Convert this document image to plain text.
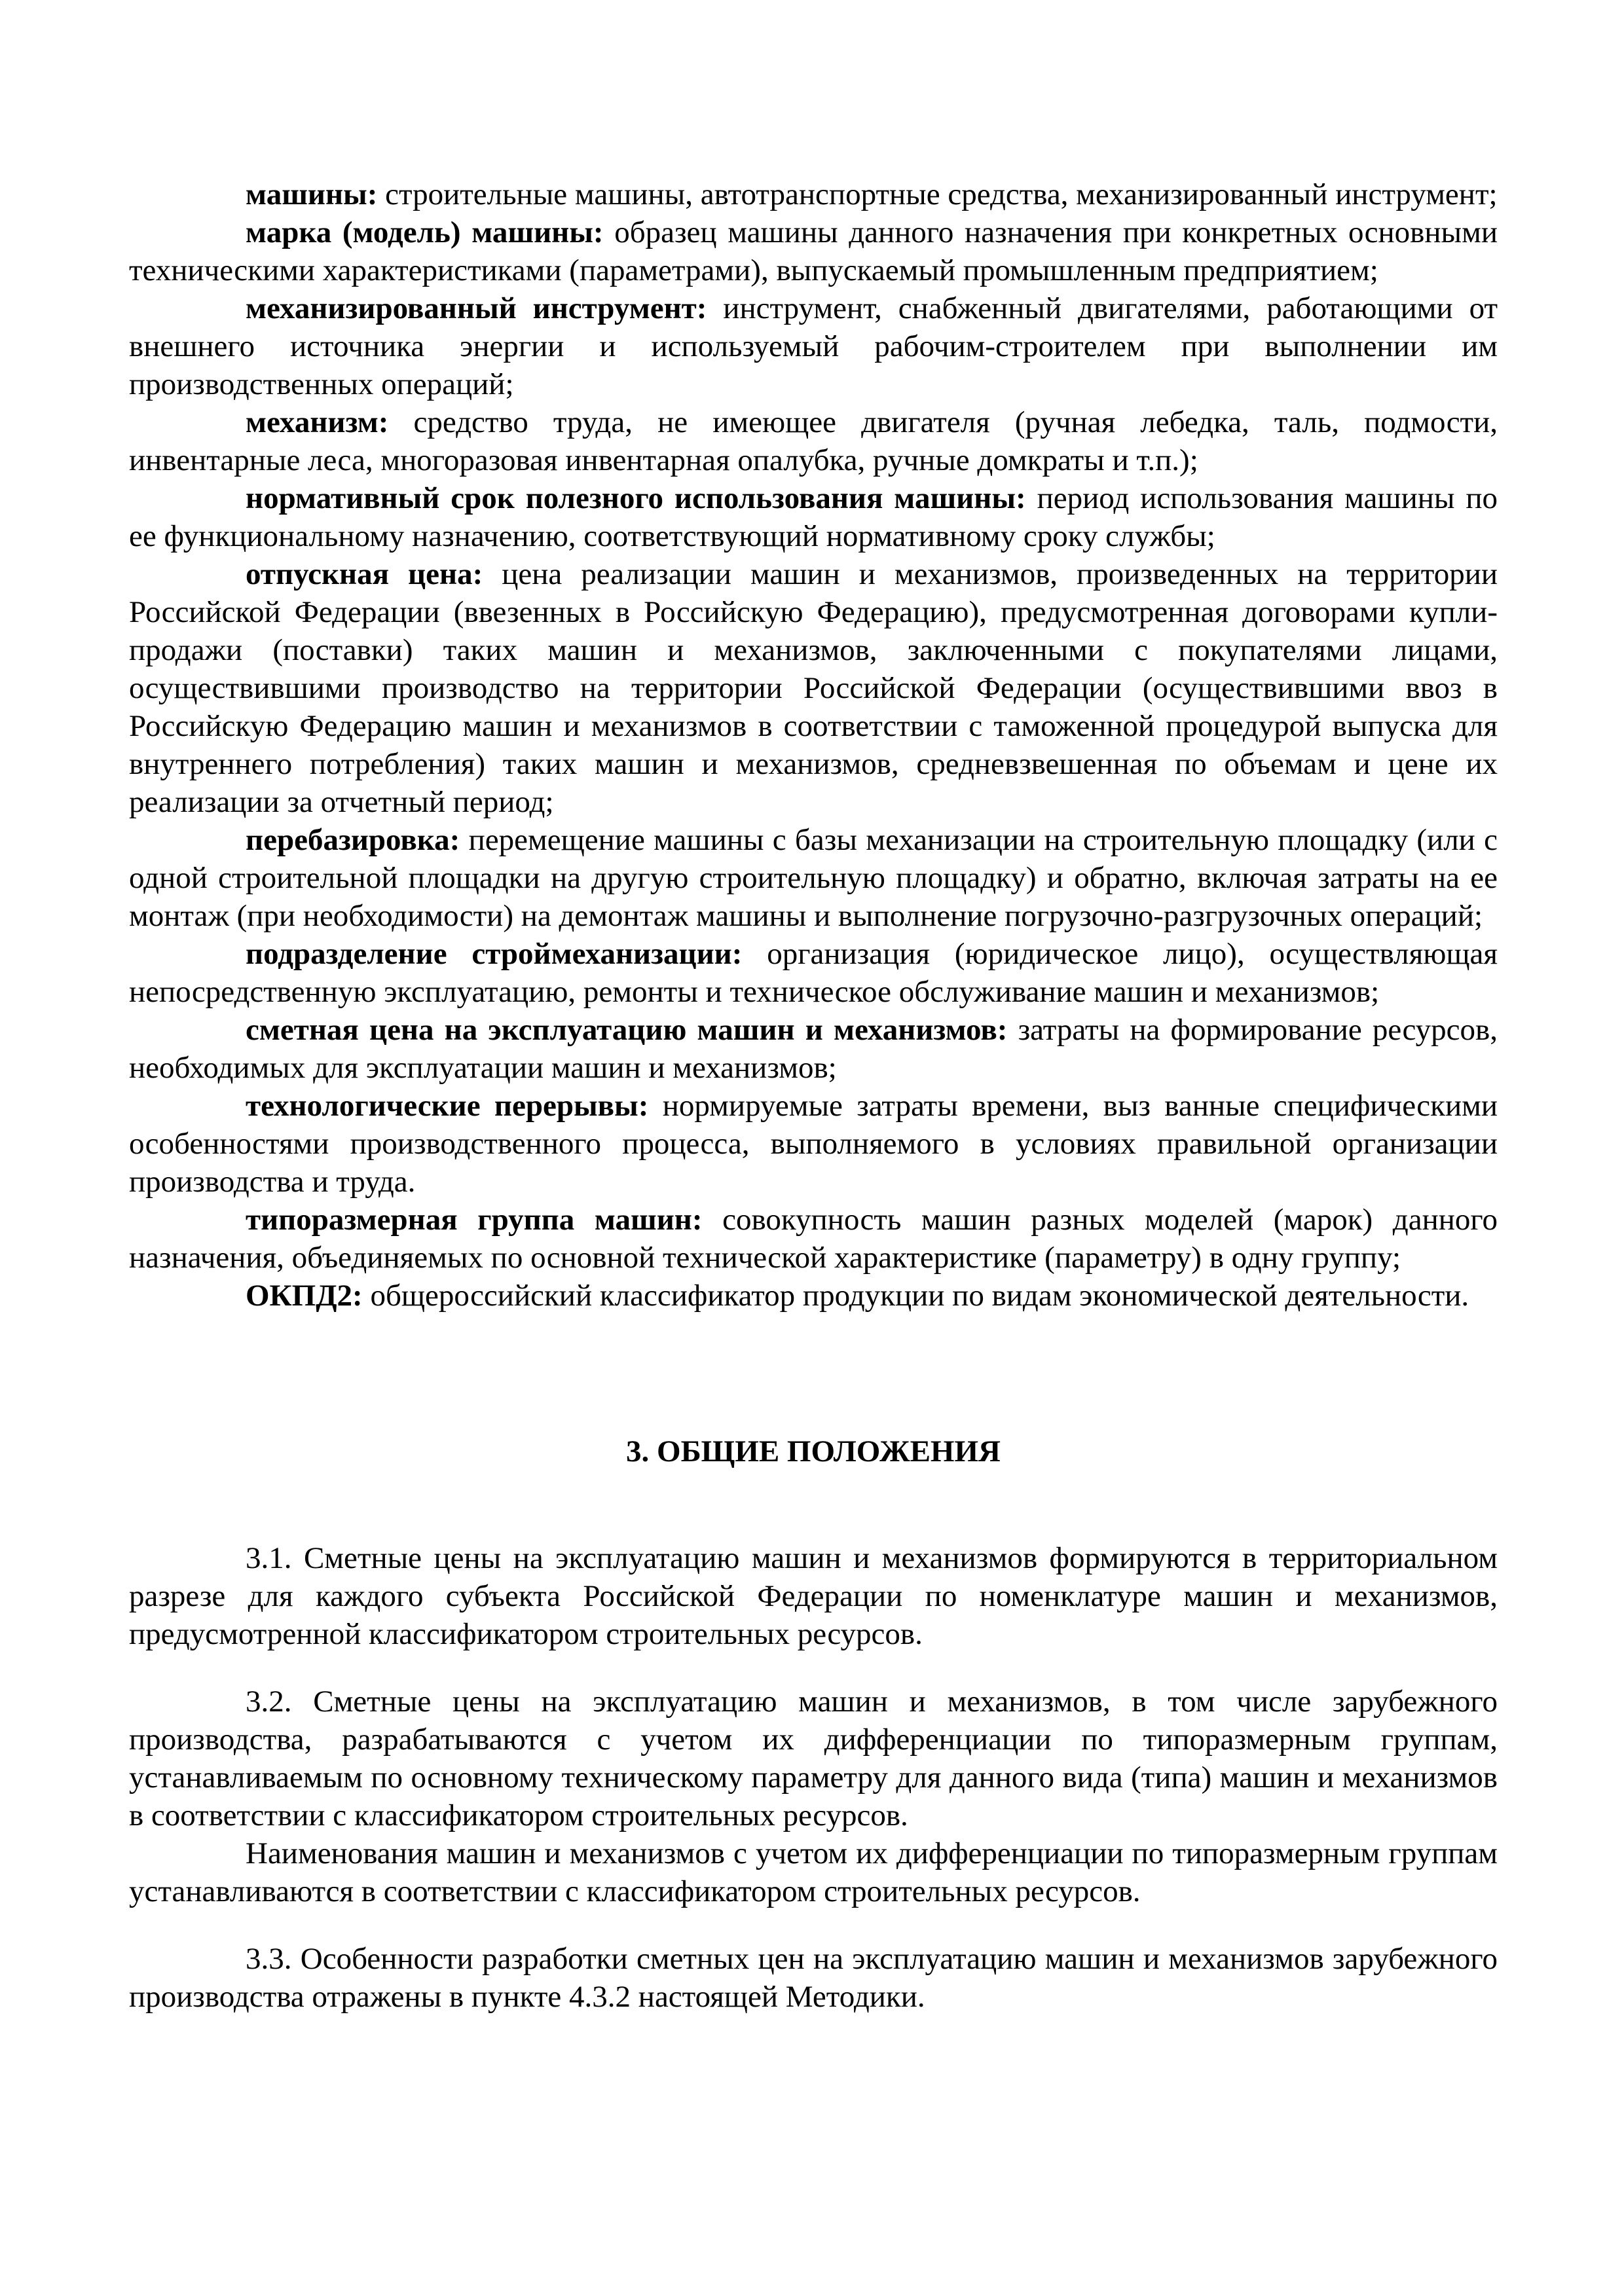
машины: строительные машины, автотранспортные средства, механизированный инструмент;

марка (модель) машины: образец машины данного назначения при конкретных основными техническими характеристиками (параметрами), выпускаемый промышленным предприятием;

механизированный инструмент: инструмент, снабженный двигателями, работающими от внешнего источника энергии и используемый рабочим-строителем при выполнении им производственных операций;

механизм: средство труда, не имеющее двигателя (ручная лебедка, таль, подмости, инвентарные леса, многоразовая инвентарная опалубка, ручные домкраты и т.п.);

нормативный срок полезного использования машины: период использования машины по ее функциональному назначению, соответствующий нормативному сроку службы;

отпускная цена: цена реализации машин и механизмов, произведенных на территории Российской Федерации (ввезенных в Российскую Федерацию), предусмотренная договорами купли-продажи (поставки) таких машин и механизмов, заключенными с покупателями лицами, осуществившими производство на территории Российской Федерации (осуществившими ввоз в Российскую Федерацию машин и механизмов в соответствии с таможенной процедурой выпуска для внутреннего потребления) таких машин и механизмов, средневзвешенная по объемам и цене их реализации за отчетный период;

перебазировка: перемещение машины с базы механизации на строительную площадку (или с одной строительной площадки на другую строительную площадку) и обратно, включая затраты на ее монтаж (при необходимости) на демонтаж машины и выполнение погрузочно-разгрузочных операций;

подразделение строймеханизации: организация (юридическое лицо), осуществляющая непосредственную эксплуатацию, ремонты и техническое обслуживание машин и механизмов;

сметная цена на эксплуатацию машин и механизмов: затраты на формирование ресурсов, необходимых для эксплуатации машин и механизмов;

технологические перерывы: нормируемые затраты времени, выз ванные специфическими особенностями производственного процесса, выполняемого в условиях правильной организации производства и труда.

типоразмерная группа машин: совокупность машин разных моделей (марок) данного назначения, объединяемых по основной технической характеристике (параметру) в одну группу;

ОКПД2: общероссийский классификатор продукции по видам экономической деятельности.

3. ОБЩИЕ ПОЛОЖЕНИЯ

3.1. Сметные цены на эксплуатацию машин и механизмов формируются в территориальном разрезе для каждого субъекта Российской Федерации по номенклатуре машин и механизмов, предусмотренной классификатором строительных ресурсов.

3.2. Сметные цены на эксплуатацию машин и механизмов, в том числе зарубежного производства, разрабатываются с учетом их дифференциации по типоразмерным группам, устанавливаемым по основному техническому параметру для данного вида (типа) машин и механизмов в соответствии с классификатором строительных ресурсов.

Наименования машин и механизмов с учетом их дифференциации по типоразмерным группам устанавливаются в соответствии с классификатором строительных ресурсов.

3.3. Особенности разработки сметных цен на эксплуатацию машин и механизмов зарубежного производства отражены в пункте 4.3.2 настоящей Методики.
